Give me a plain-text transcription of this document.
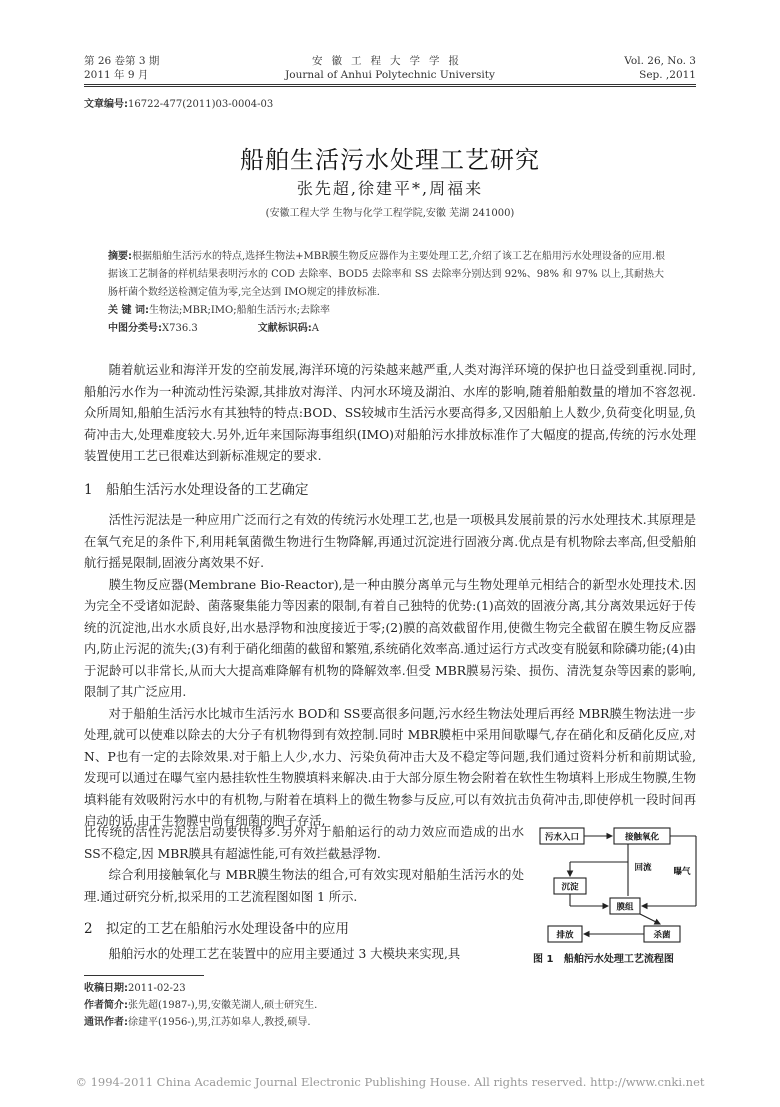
第 26 卷第 3 期
2011 年 9 月
安徽工程大学学报
Journal of Anhui Polytechnic University
Vol. 26, No. 3
Sep. ,2011
文章编号:16722-477(2011)03-0004-03
船舶生活污水处理工艺研究
张先超,徐建平*,周福来
(安徽工程大学 生物与化学工程学院,安徽 芜湖 241000)
摘要:根据船舶生活污水的特点,选择生物法+MBR膜生物反应器作为主要处理工艺,介绍了该工艺在船用污水处理设备的应用.根据该工艺制备的样机结果表明污水的 COD 去除率、BOD5 去除率和 SS 去除率分别达到 92%、98% 和 97% 以上,其耐热大肠杆菌个数经送检测定值为零,完全达到 IMO规定的排放标准.
关 键 词:生物法;MBR;IMO;船舶生活污水;去除率
中图分类号:X736.3	文献标识码:A

随着航运业和海洋开发的空前发展,海洋环境的污染越来越严重,人类对海洋环境的保护也日益受到重视.同时,船舶污水作为一种流动性污染源,其排放对海洋、内河水环境及湖泊、水库的影响,随着船舶数量的增加不容忽视.众所周知,船舶生活污水有其独特的特点:BOD、SS较城市生活污水要高得多,又因船舶上人数少,负荷变化明显,负荷冲击大,处理难度较大.另外,近年来国际海事组织(IMO)对船舶污水排放标准作了大幅度的提高,传统的污水处理装置使用工艺已很难达到新标准规定的要求.

1 船舶生活污水处理设备的工艺确定

活性污泥法是一种应用广泛而行之有效的传统污水处理工艺,也是一项极具发展前景的污水处理技术.其原理是在氧气充足的条件下,利用耗氧菌微生物进行生物降解,再通过沉淀进行固液分离.优点是有机物除去率高,但受船舶航行摇晃限制,固液分离效果不好.

膜生物反应器(Membrane Bio-Reactor),是一种由膜分离单元与生物处理单元相结合的新型水处理技术.因为完全不受诸如泥龄、菌落聚集能力等因素的限制,有着自己独特的优势:(1)高效的固液分离,其分离效果远好于传统的沉淀池,出水水质良好,出水悬浮物和浊度接近于零;(2)膜的高效截留作用,使微生物完全截留在膜生物反应器内,防止污泥的流失;(3)有利于硝化细菌的截留和繁殖,系统硝化效率高.通过运行方式改变有脱氨和除磷功能;(4)由于泥龄可以非常长,从而大大提高难降解有机物的降解效率.但受 MBR膜易污染、损伤、清洗复杂等因素的影响,限制了其广泛应用.

对于船舶生活污水比城市生活污水 BOD和 SS要高很多问题,污水经生物法处理后再经 MBR膜生物法进一步处理,就可以使难以除去的大分子有机物得到有效控制.同时 MBR膜柜中采用间歇曝气,存在硝化和反硝化反应,对 N、P也有一定的去除效果.对于船上人少,水力、污染负荷冲击大及不稳定等问题,我们通过资料分析和前期试验,发现可以通过在曝气室内悬挂软性生物膜填料来解决.由于大部分原生物会附着在软性生物填料上形成生物膜,生物填料能有效吸附污水中的有机物,与附着在填料上的微生物参与反应,可以有效抗击负荷冲击,即使停机一段时间再启动的话,由于生物膜中尚有细菌的胞子存活,

比传统的活性污泥法启动要快得多.另外对于船舶运行的动力效应而造成的出水 SS不稳定,因 MBR膜具有超滤性能,可有效拦截悬浮物.

综合利用接触氧化与 MBR膜生物法的组合,可有效实现对船舶生活污水的处理.通过研究分析,拟采用的工艺流程图如图 1 所示.

2 拟定的工艺在船舶污水处理设备中的应用

船舶污水的处理工艺在装置中的应用主要通过 3 大模块来实现,具

污水入口	接触氧化
沉淀
膜组
排放	杀菌
曝气
回流
图 1 船舶污水处理工艺流程图
收稿日期:2011-02-23
作者简介:张先超(1987-),男,安徽芜湖人,硕士研究生.
通讯作者:徐建平(1956-),男,江苏如皋人,教授,硕导.
© 1994-2011 China Academic Journal Electronic Publishing House. All rights reserved. http://www.cnki.net
